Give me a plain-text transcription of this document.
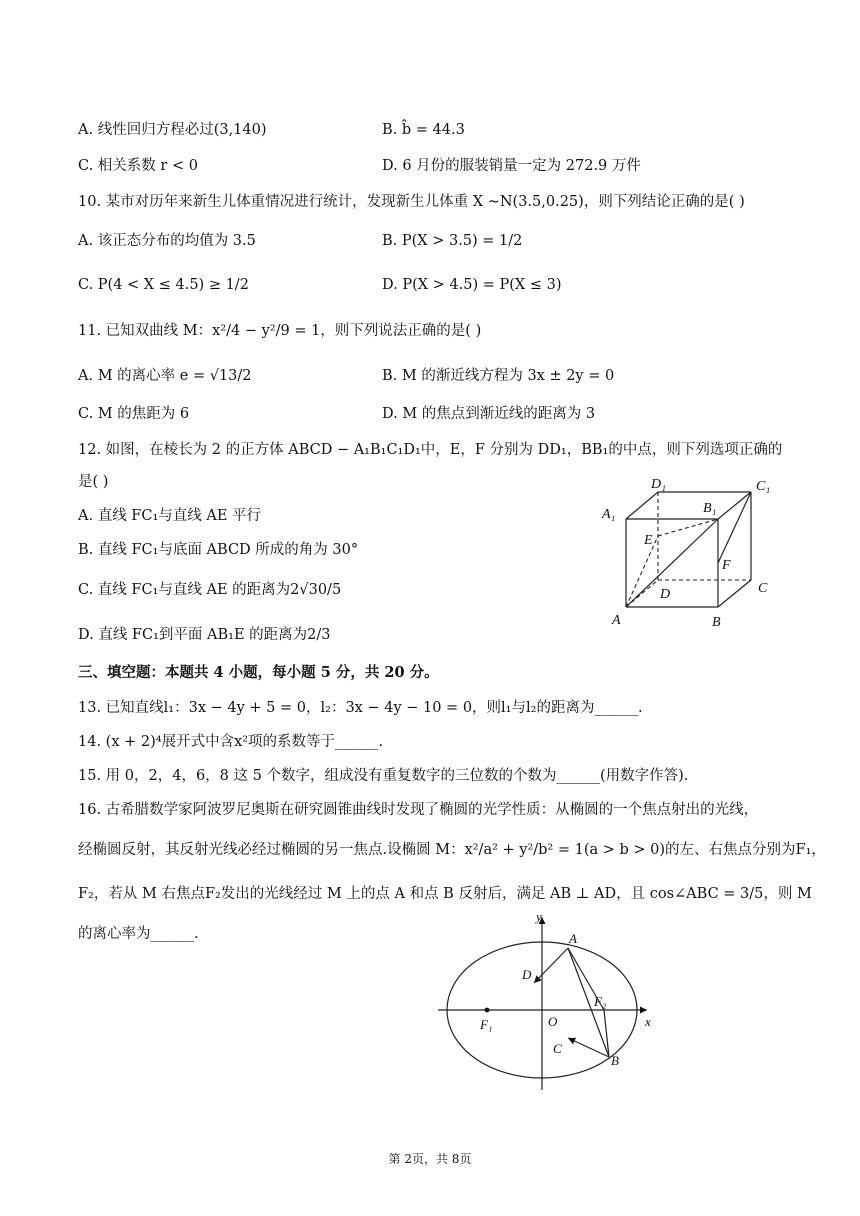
A. 线性回归方程必过(3,140)	B. b̂ = 44.3
C. 相关系数 r < 0	D. 6 月份的服装销量一定为 272.9 万件
10. 某市对历年来新生儿体重情况进行统计，发现新生儿体重 X ~N(3.5,0.25)，则下列结论正确的是( )
A. 该正态分布的均值为 3.5	B. P(X > 3.5) = 1/2
C. P(4 < X ≤ 4.5) ≥ 1/2	D. P(X > 4.5) = P(X ≤ 3)
11. 已知双曲线 M：x²/4 − y²/9 = 1，则下列说法正确的是( )
A. M 的离心率 e = √13/2	B. M 的渐近线方程为 3x ± 2y = 0
C. M 的焦距为 6	D. M 的焦点到渐近线的距离为 3
12. 如图，在棱长为 2 的正方体 ABCD − A₁B₁C₁D₁中，E，F 分别为 DD₁，BB₁的中点，则下列选项正确的
是( )
A. 直线 FC₁与直线 AE 平行
B. 直线 FC₁与底面 ABCD 所成的角为 30°
C. 直线 FC₁与直线 AE 的距离为2√30/5
D. 直线 FC₁到平面 AB₁E 的距离为2/3
D₁	C₁
A₁	B₁
E
F
D	C
A	B
三、填空题：本题共 4 小题，每小题 5 分，共 20 分。
13. 已知直线l₁：3x − 4y + 5 = 0，l₂：3x − 4y − 10 = 0，则l₁与l₂的距离为______.
14. (x + 2)⁴展开式中含x²项的系数等于______.
15. 用 0，2，4，6，8 这 5 个数字，组成没有重复数字的三位数的个数为______(用数字作答).
16. 古希腊数学家阿波罗尼奥斯在研究圆锥曲线时发现了椭圆的光学性质：从椭圆的一个焦点射出的光线，
经椭圆反射，其反射光线必经过椭圆的另一焦点.设椭圆 M：x²/a² + y²/b² = 1(a > b > 0)的左、右焦点分别为F₁，
F₂，若从 M 右焦点F₂发出的光线经过 M 上的点 A 和点 B 反射后，满足 AB ⊥ AD，且 cos∠ABC = 3/5，则 M
的离心率为______.
y
x
A
D
O
F₁
F₂
C
B
第 2页，共 8页
